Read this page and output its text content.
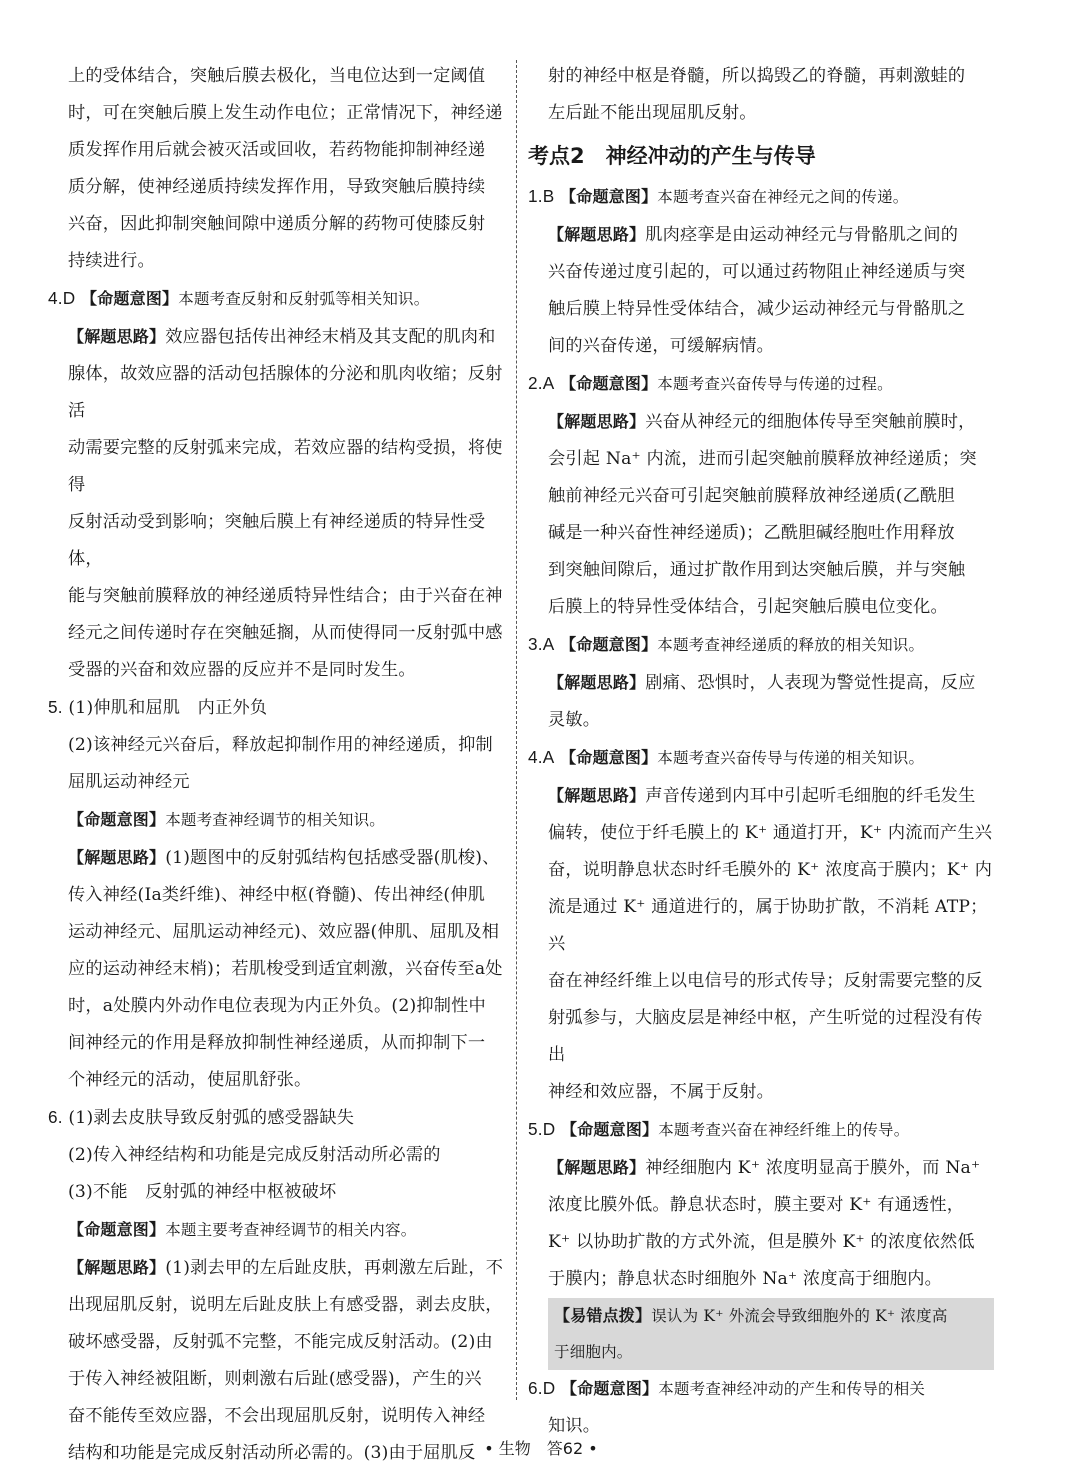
上的受体结合，突触后膜去极化，当电位达到一定阈值

时，可在突触后膜上发生动作电位；正常情况下，神经递

质发挥作用后就会被灭活或回收，若药物能抑制神经递

质分解，使神经递质持续发挥作用，导致突触后膜持续

兴奋，因此抑制突触间隙中递质分解的药物可使膝反射

持续进行。

4.D 【命题意图】本题考查反射和反射弧等相关知识。

【解题思路】效应器包括传出神经末梢及其支配的肌肉和

腺体，故效应器的活动包括腺体的分泌和肌肉收缩；反射活

动需要完整的反射弧来完成，若效应器的结构受损，将使得

反射活动受到影响；突触后膜上有神经递质的特异性受体，

能与突触前膜释放的神经递质特异性结合；由于兴奋在神

经元之间传递时存在突触延搁，从而使得同一反射弧中感

受器的兴奋和效应器的反应并不是同时发生。

5. (1)伸肌和屈肌　内正外负

(2)该神经元兴奋后，释放起抑制作用的神经递质，抑制

屈肌运动神经元

【命题意图】本题考查神经调节的相关知识。

【解题思路】(1)题图中的反射弧结构包括感受器(肌梭)、

传入神经(Ⅰa类纤维)、神经中枢(脊髓)、传出神经(伸肌

运动神经元、屈肌运动神经元)、效应器(伸肌、屈肌及相

应的运动神经末梢)；若肌梭受到适宜刺激，兴奋传至a处

时，a处膜内外动作电位表现为内正外负。(2)抑制性中

间神经元的作用是释放抑制性神经递质，从而抑制下一

个神经元的活动，使屈肌舒张。

6. (1)剥去皮肤导致反射弧的感受器缺失

(2)传入神经结构和功能是完成反射活动所必需的

(3)不能　反射弧的神经中枢被破坏

【命题意图】本题主要考查神经调节的相关内容。

【解题思路】(1)剥去甲的左后趾皮肤，再刺激左后趾，不

出现屈肌反射，说明左后趾皮肤上有感受器，剥去皮肤，

破坏感受器，反射弧不完整，不能完成反射活动。(2)由

于传入神经被阻断，则刺激右后趾(感受器)，产生的兴

奋不能传至效应器，不会出现屈肌反射，说明传入神经

结构和功能是完成反射活动所必需的。(3)由于屈肌反

射的神经中枢是脊髓，所以捣毁乙的脊髓，再刺激蛙的

左后趾不能出现屈肌反射。

考点2　神经冲动的产生与传导

1.B 【命题意图】本题考查兴奋在神经元之间的传递。

【解题思路】肌肉痉挛是由运动神经元与骨骼肌之间的

兴奋传递过度引起的，可以通过药物阻止神经递质与突

触后膜上特异性受体结合，减少运动神经元与骨骼肌之

间的兴奋传递，可缓解病情。

2.A 【命题意图】本题考查兴奋传导与传递的过程。

【解题思路】兴奋从神经元的细胞体传导至突触前膜时，

会引起 Na⁺ 内流，进而引起突触前膜释放神经递质；突

触前神经元兴奋可引起突触前膜释放神经递质(乙酰胆

碱是一种兴奋性神经递质)；乙酰胆碱经胞吐作用释放

到突触间隙后，通过扩散作用到达突触后膜，并与突触

后膜上的特异性受体结合，引起突触后膜电位变化。

3.A 【命题意图】本题考查神经递质的释放的相关知识。

【解题思路】剧痛、恐惧时，人表现为警觉性提高，反应

灵敏。

4.A 【命题意图】本题考查兴奋传导与传递的相关知识。

【解题思路】声音传递到内耳中引起听毛细胞的纤毛发生

偏转，使位于纤毛膜上的 K⁺ 通道打开，K⁺ 内流而产生兴

奋，说明静息状态时纤毛膜外的 K⁺ 浓度高于膜内；K⁺ 内

流是通过 K⁺ 通道进行的，属于协助扩散，不消耗 ATP；兴

奋在神经纤维上以电信号的形式传导；反射需要完整的反

射弧参与，大脑皮层是神经中枢，产生听觉的过程没有传出

神经和效应器，不属于反射。

5.D 【命题意图】本题考查兴奋在神经纤维上的传导。

【解题思路】神经细胞内 K⁺ 浓度明显高于膜外，而 Na⁺

浓度比膜外低。静息状态时，膜主要对 K⁺ 有通透性，

K⁺ 以协助扩散的方式外流，但是膜外 K⁺ 的浓度依然低

于膜内；静息状态时细胞外 Na⁺ 浓度高于细胞内。

【易错点拨】误认为 K⁺ 外流会导致细胞外的 K⁺ 浓度高

于细胞内。

6.D 【命题意图】本题考查神经冲动的产生和传导的相关

知识。

• 生物　答62 •
